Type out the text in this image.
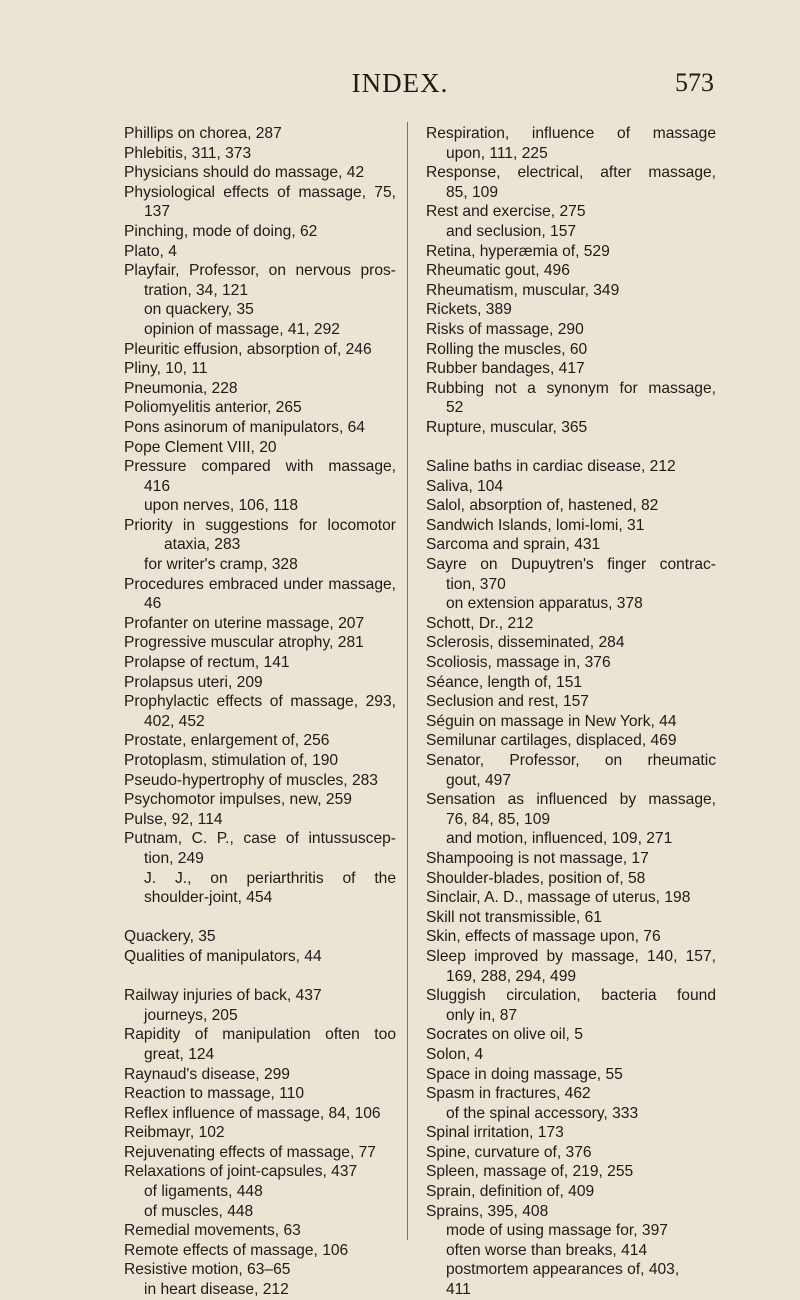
INDEX.	573
Phillips on chorea, 287
Phlebitis, 311, 373
Physicians should do massage, 42
Physiological effects of massage, 75,
137
Pinching, mode of doing, 62
Plato, 4
Playfair, Professor, on nervous pros-
tration, 34, 121
on quackery, 35
opinion of massage, 41, 292
Pleuritic effusion, absorption of, 246
Pliny, 10, 11
Pneumonia, 228
Poliomyelitis anterior, 265
Pons asinorum of manipulators, 64
Pope Clement VIII, 20
Pressure compared with massage,
416
upon nerves, 106, 118
Priority in suggestions for locomotor
ataxia, 283
for writer's cramp, 328
Procedures embraced under massage,
46
Profanter on uterine massage, 207
Progressive muscular atrophy, 281
Prolapse of rectum, 141
Prolapsus uteri, 209
Prophylactic effects of massage, 293,
402, 452
Prostate, enlargement of, 256
Protoplasm, stimulation of, 190
Pseudo-hypertrophy of muscles, 283
Psychomotor impulses, new, 259
Pulse, 92, 114
Putnam, C. P., case of intussuscep-
tion, 249
J. J., on periarthritis of the
shoulder-joint, 454
Quackery, 35
Qualities of manipulators, 44
Railway injuries of back, 437
journeys, 205
Rapidity of manipulation often too
great, 124
Raynaud's disease, 299
Reaction to massage, 110
Reflex influence of massage, 84, 106
Reibmayr, 102
Rejuvenating effects of massage, 77
Relaxations of joint-capsules, 437
of ligaments, 448
of muscles, 448
Remedial movements, 63
Remote effects of massage, 106
Resistive motion, 63–65
in heart disease, 212
Respiration, influence of massage
upon, 111, 225
Response, electrical, after massage,
85, 109
Rest and exercise, 275
and seclusion, 157
Retina, hyperæmia of, 529
Rheumatic gout, 496
Rheumatism, muscular, 349
Rickets, 389
Risks of massage, 290
Rolling the muscles, 60
Rubber bandages, 417
Rubbing not a synonym for massage,
52
Rupture, muscular, 365
Saline baths in cardiac disease, 212
Saliva, 104
Salol, absorption of, hastened, 82
Sandwich Islands, lomi-lomi, 31
Sarcoma and sprain, 431
Sayre on Dupuytren's finger contrac-
tion, 370
on extension apparatus, 378
Schott, Dr., 212
Sclerosis, disseminated, 284
Scoliosis, massage in, 376
Séance, length of, 151
Seclusion and rest, 157
Séguin on massage in New York, 44
Semilunar cartilages, displaced, 469
Senator, Professor, on rheumatic
gout, 497
Sensation as influenced by massage,
76, 84, 85, 109
and motion, influenced, 109, 271
Shampooing is not massage, 17
Shoulder-blades, position of, 58
Sinclair, A. D., massage of uterus, 198
Skill not transmissible, 61
Skin, effects of massage upon, 76
Sleep improved by massage, 140, 157,
169, 288, 294, 499
Sluggish circulation, bacteria found
only in, 87
Socrates on olive oil, 5
Solon, 4
Space in doing massage, 55
Spasm in fractures, 462
of the spinal accessory, 333
Spinal irritation, 173
Spine, curvature of, 376
Spleen, massage of, 219, 255
Sprain, definition of, 409
Sprains, 395, 408
mode of using massage for, 397
often worse than breaks, 414
postmortem appearances of, 403,
411
